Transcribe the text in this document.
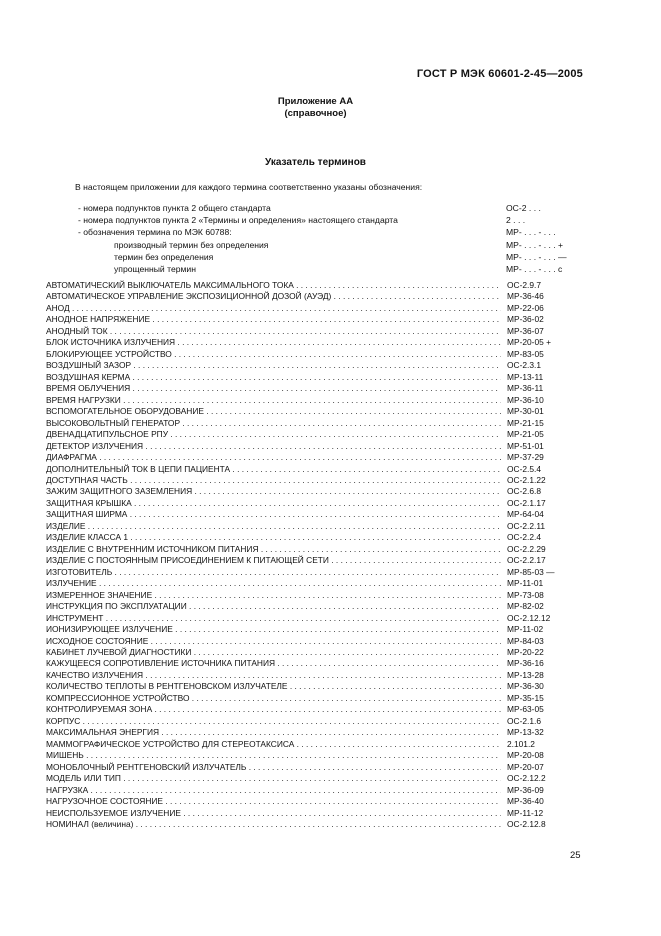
ГОСТ Р МЭК 60601-2-45—2005
Приложение АА
(справочное)
Указатель терминов
В настоящем приложении для каждого термина соответственно указаны обозначения:
- номера подпунктов пункта 2 общего стандарта	ОС-2 . . .
- номера подпунктов пункта 2 «Термины и определения» настоящего стандарта	2 . . .
- обозначения термина по МЭК 60788:	МР- . . . - . . .
производный термин без определения	МР- . . . - . . . +
термин без определения	МР- . . . - . . . —
упрощенный термин	МР- . . . - . . . с
АВТОМАТИЧЕСКИЙ ВЫКЛЮЧАТЕЛЬ МАКСИМАЛЬНОГО ТОКА . . .	ОС-2.9.7
АВТОМАТИЧЕСКОЕ УПРАВЛЕНИЕ ЭКСПОЗИЦИОННОЙ ДОЗОЙ (АУЭД) . . .	МР-36-46
АНОД . . .	МР-22-06
АНОДНОЕ НАПРЯЖЕНИЕ . . .	МР-36-02
АНОДНЫЙ ТОК . . .	МР-36-07
БЛОК ИСТОЧНИКА ИЗЛУЧЕНИЯ . . .	МР-20-05 +
БЛОКИРУЮЩЕЕ УСТРОЙСТВО . . .	МР-83-05
ВОЗДУШНЫЙ ЗАЗОР . . .	ОС-2.3.1
ВОЗДУШНАЯ КЕРМА . . .	МР-13-11
ВРЕМЯ ОБЛУЧЕНИЯ . . .	МР-36-11
ВРЕМЯ НАГРУЗКИ . . .	МР-36-10
ВСПОМОГАТЕЛЬНОЕ ОБОРУДОВАНИЕ . . .	МР-30-01
ВЫСОКОВОЛЬТНЫЙ ГЕНЕРАТОР . . .	МР-21-15
ДВЕНАДЦАТИПУЛЬСНОЕ РПУ . . .	МР-21-05
ДЕТЕКТОР ИЗЛУЧЕНИЯ . . .	МР-51-01
ДИАФРАГМА . . .	МР-37-29
ДОПОЛНИТЕЛЬНЫЙ ТОК В ЦЕПИ ПАЦИЕНТА . . .	ОС-2.5.4
ДОСТУПНАЯ ЧАСТЬ . . .	ОС-2.1.22
ЗАЖИМ ЗАЩИТНОГО ЗАЗЕМЛЕНИЯ . . .	ОС-2.6.8
ЗАЩИТНАЯ КРЫШКА . . .	ОС-2.1.17
ЗАЩИТНАЯ ШИРМА . . .	МР-64-04
ИЗДЕЛИЕ . . .	ОС-2.2.11
ИЗДЕЛИЕ КЛАССА 1 . . .	ОС-2.2.4
ИЗДЕЛИЕ С ВНУТРЕННИМ ИСТОЧНИКОМ ПИТАНИЯ . . .	ОС-2.2.29
ИЗДЕЛИЕ С ПОСТОЯННЫМ ПРИСОЕДИНЕНИЕМ К ПИТАЮЩЕЙ СЕТИ . . .	ОС-2.2.17
ИЗГОТОВИТЕЛЬ . . .	МР-85-03 —
ИЗЛУЧЕНИЕ . . .	МР-11-01
ИЗМЕРЕННОЕ ЗНАЧЕНИЕ . . .	МР-73-08
ИНСТРУКЦИЯ ПО ЭКСПЛУАТАЦИИ . . .	МР-82-02
ИНСТРУМЕНТ . . .	ОС-2.12.12
ИОНИЗИРУЮЩЕЕ ИЗЛУЧЕНИЕ . . .	МР-11-02
ИСХОДНОЕ СОСТОЯНИЕ . . .	МР-84-03
КАБИНЕТ ЛУЧЕВОЙ ДИАГНОСТИКИ . . .	МР-20-22
КАЖУЩЕЕСЯ СОПРОТИВЛЕНИЕ ИСТОЧНИКА ПИТАНИЯ . . .	МР-36-16
КАЧЕСТВО ИЗЛУЧЕНИЯ . . .	МР-13-28
КОЛИЧЕСТВО ТЕПЛОТЫ В РЕНТГЕНОВСКОМ ИЗЛУЧАТЕЛЕ . . .	МР-36-30
КОМПРЕССИОННОЕ УСТРОЙСТВО . . .	МР-35-15
КОНТРОЛИРУЕМАЯ ЗОНА . . .	МР-63-05
КОРПУС . . .	ОС-2.1.6
МАКСИМАЛЬНАЯ ЭНЕРГИЯ . . .	МР-13-32
МАММОГРАФИЧЕСКОЕ УСТРОЙСТВО ДЛЯ СТЕРЕОТАКСИСА . . .	2.101.2
МИШЕНЬ . . .	МР-20-08
МОНОБЛОЧНЫЙ РЕНТГЕНОВСКИЙ ИЗЛУЧАТЕЛЬ . . .	МР-20-07
МОДЕЛЬ ИЛИ ТИП . . .	ОС-2.12.2
НАГРУЗКА . . .	МР-36-09
НАГРУЗОЧНОЕ СОСТОЯНИЕ . . .	МР-36-40
НЕИСПОЛЬЗУЕМОЕ ИЗЛУЧЕНИЕ . . .	МР-11-12
НОМИНАЛ (величина) . . .	ОС-2.12.8
25
